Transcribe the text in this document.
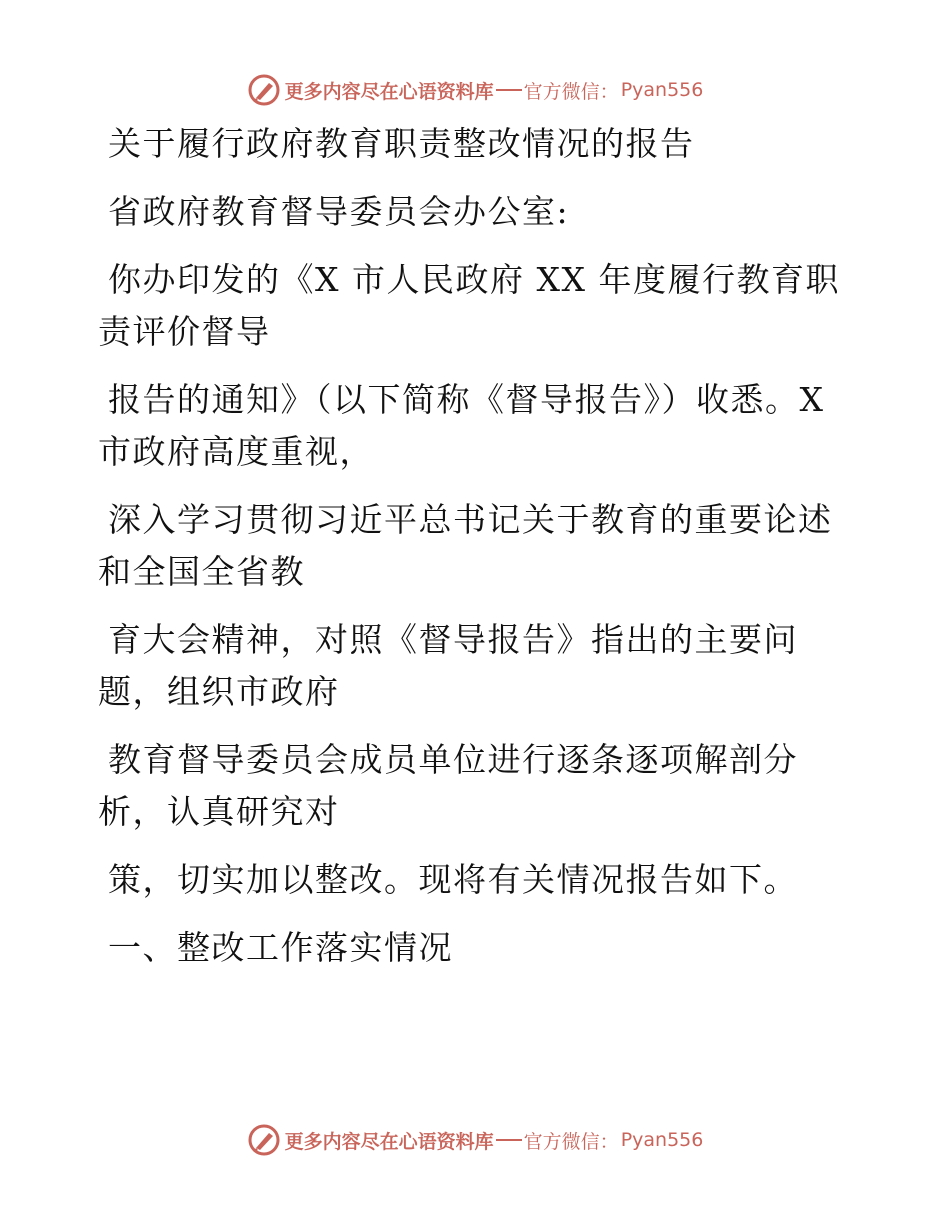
更多内容尽在心语资料库 官方微信： Pyan556

关于履行政府教育职责整改情况的报告

省政府教育督导委员会办公室:

你办印发的《X 市人民政府 XX 年度履行教育职
责评价督导

报告的通知》（以下简称《督导报告》）收悉。X
市政府高度重视，

深入学习贯彻习近平总书记关于教育的重要论述
和全国全省教

育大会精神，对照《督导报告》指出的主要问
题，组织市政府

教育督导委员会成员单位进行逐条逐项解剖分
析，认真研究对

策，切实加以整改。现将有关情况报告如下。

一、整改工作落实情况

更多内容尽在心语资料库 官方微信： Pyan556
